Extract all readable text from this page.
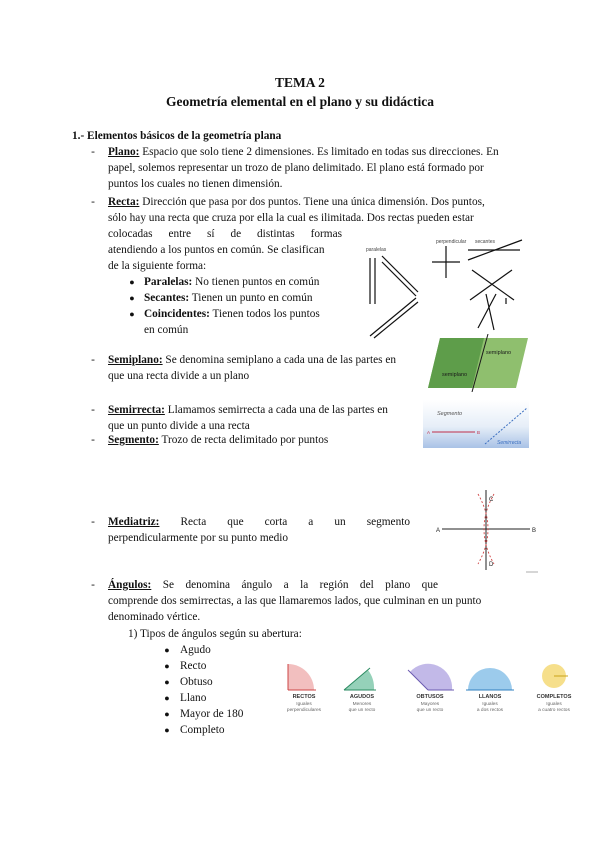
TEMA 2
Geometría elemental en el plano y su didáctica
1.- Elementos básicos de la geometría plana
- Plano: Espacio que solo tiene 2 dimensiones. Es limitado en todas sus direcciones. En
papel, solemos representar un trozo de plano delimitado. El plano está formado por
puntos los cuales no tienen dimensión.
- Recta: Dirección que pasa por dos puntos. Tiene una única dimensión. Dos puntos,
sólo hay una recta que cruza por ella la cual es ilimitada. Dos rectas pueden estar
colocadas entre sí de distintas formas
atendiendo a los puntos en común. Se clasifican
de la siguiente forma:
● Paralelas: No tienen puntos en común
● Secantes: Tienen un punto en común
● Coincidentes: Tienen todos los puntos
en común
paralelas
perpendicular secantes
- Semiplano: Se denomina semiplano a cada una de las partes en
que una recta divide a un plano
semiplano
semiplano
- Semirrecta: Llamamos semirrecta a cada una de las partes en
que un punto divide a una recta
- Segmento: Trozo de recta delimitado por puntos
Segmento
A	B
Semirrecta
- Mediatriz: Recta que corta a un segmento
perpendicularmente por su punto medio
A	B
C
D
- Ángulos: Se denomina ángulo a la región del plano que
comprende dos semirrectas, a las que llamaremos lados, que culminan en un punto
denominado vértice.
1) Tipos de ángulos según su abertura:
● Agudo
● Recto
● Obtuso
● Llano
● Mayor de 180
● Completo
RECTOS
Iguales
perpendiculares
AGUDOS
Menores
que un recto
OBTUSOS
Mayores
que un recto
LLANOS
Iguales
a dos rectos
COMPLETOS
Iguales
a cuatro rectos
